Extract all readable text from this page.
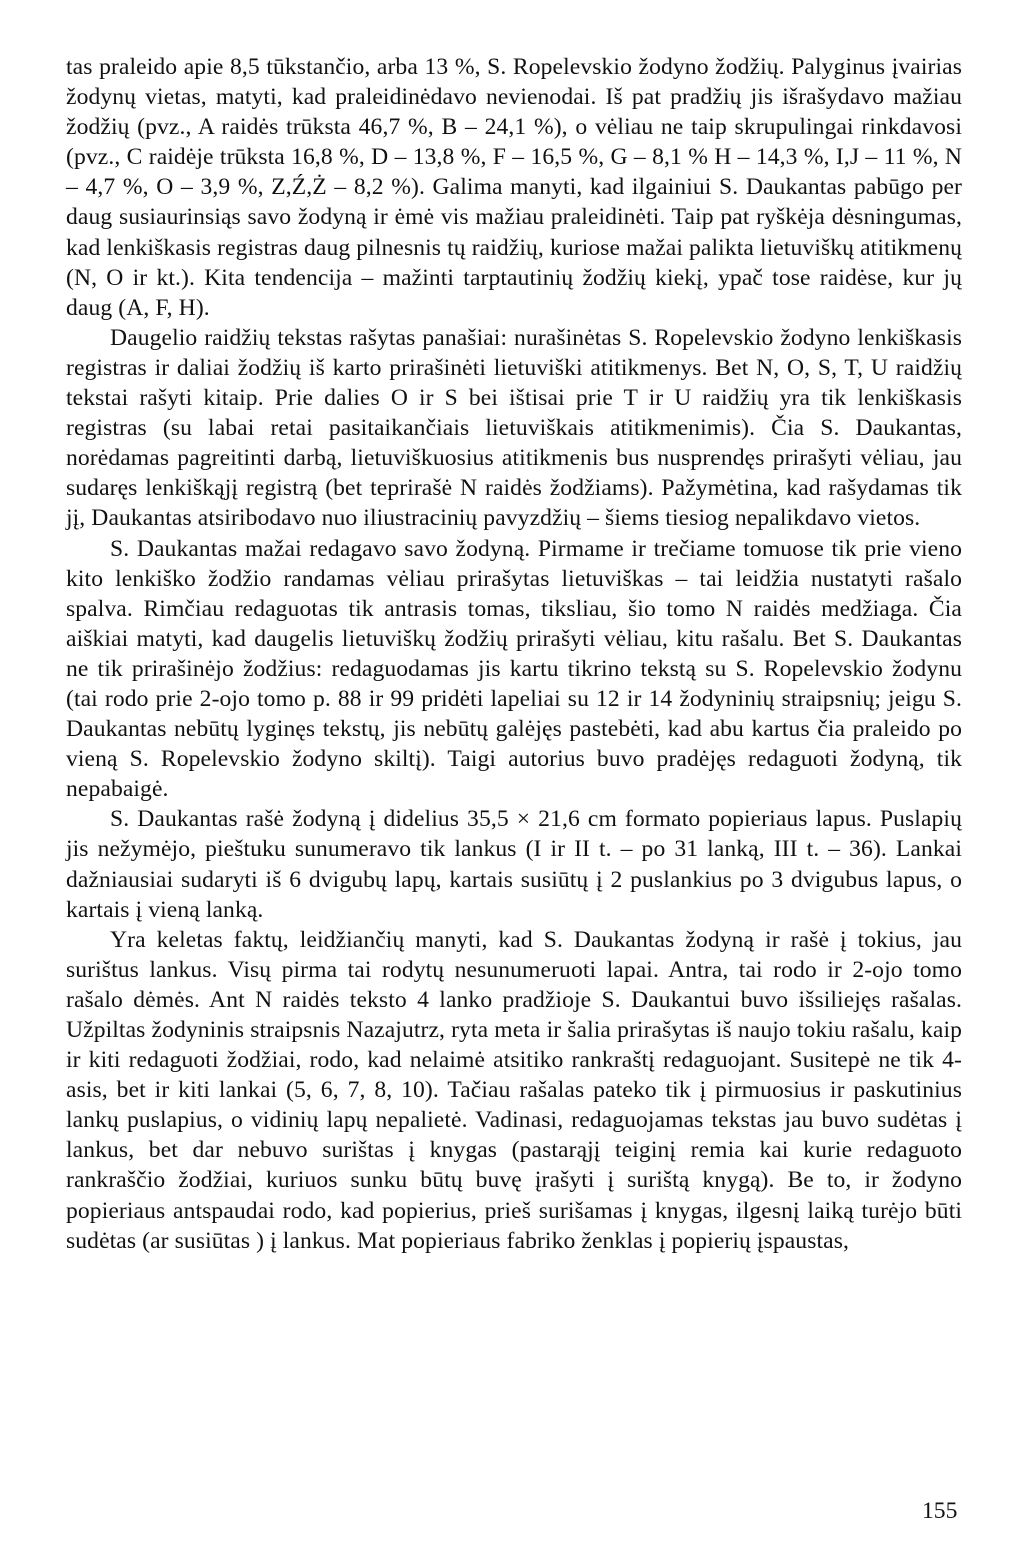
tas praleido apie 8,5 tūkstančio, arba 13 %, S. Ropelevskio žodyno žodžių. Palyginus įvairias žodynų vietas, matyti, kad praleidinėdavo nevienodai. Iš pat pradžių jis išrašydavo mažiau žodžių (pvz., A raidės trūksta 46,7 %, B – 24,1 %), o vėliau ne taip skrupulingai rinkdavosi (pvz., C raidėje trūksta 16,8 %, D – 13,8 %, F – 16,5 %, G – 8,1 % H – 14,3 %, I,J – 11 %, N – 4,7 %, O – 3,9 %, Z,Ź,Ż – 8,2 %). Galima manyti, kad ilgainiui S. Daukantas pabūgo per daug susiaurinsiąs savo žodyną ir ėmė vis mažiau praleidinėti. Taip pat ryškėja dėsningumas, kad lenkiškasis registras daug pilnesnis tų raidžių, kuriose mažai palikta lietuviškų atitikmenų (N, O ir kt.). Kita tendencija – mažinti tarptautinių žodžių kiekį, ypač tose raidėse, kur jų daug (A, F, H).

Daugelio raidžių tekstas rašytas panašiai: nurašinėtas S. Ropelevskio žodyno lenkiškasis registras ir daliai žodžių iš karto prirašinėti lietuviški atitikmenys. Bet N, O, S, T, U raidžių tekstai rašyti kitaip. Prie dalies O ir S bei ištisai prie T ir U raidžių yra tik lenkiškasis registras (su labai retai pasitaikančiais lietuviškais atitikmenimis). Čia S. Daukantas, norėdamas pagreitinti darbą, lietuviškuosius atitikmenis bus nusprendęs prirašyti vėliau, jau sudaręs lenkiškąjį registrą (bet teprirašė N raidės žodžiams). Pažymėtina, kad rašydamas tik jį, Daukantas atsiribodavo nuo iliustracinių pavyzdžių – šiems tiesiog nepalikdavo vietos.

S. Daukantas mažai redagavo savo žodyną. Pirmame ir trečiame tomuose tik prie vieno kito lenkiško žodžio randamas vėliau prirašytas lietuviškas – tai leidžia nustatyti rašalo spalva. Rimčiau redaguotas tik antrasis tomas, tiksliau, šio tomo N raidės medžiaga. Čia aiškiai matyti, kad daugelis lietuviškų žodžių prirašyti vėliau, kitu rašalu. Bet S. Daukantas ne tik prirašinėjo žodžius: redaguodamas jis kartu tikrino tekstą su S. Ropelevskio žodynu (tai rodo prie 2-ojo tomo p. 88 ir 99 pridėti lapeliai su 12 ir 14 žodyninių straipsnių; jeigu S. Daukantas nebūtų lyginęs tekstų, jis nebūtų galėjęs pastebėti, kad abu kartus čia praleido po vieną S. Ropelevskio žodyno skiltį). Taigi autorius buvo pradėjęs redaguoti žodyną, tik nepabaigė.

S. Daukantas rašė žodyną į didelius 35,5 × 21,6 cm formato popieriaus lapus. Puslapių jis nežymėjo, pieštuku sunumeravo tik lankus (I ir II t. – po 31 lanką, III t. – 36). Lankai dažniausiai sudaryti iš 6 dvigubų lapų, kartais susiūtų į 2 puslankius po 3 dvigubus lapus, o kartais į vieną lanką.

Yra keletas faktų, leidžiančių manyti, kad S. Daukantas žodyną ir rašė į tokius, jau surištus lankus. Visų pirma tai rodytų nesunumeruoti lapai. Antra, tai rodo ir 2-ojo tomo rašalo dėmės. Ant N raidės teksto 4 lanko pradžioje S. Daukantui buvo išsiliejęs rašalas. Užpiltas žodyninis straipsnis Nazajutrz, ryta meta ir šalia prirašytas iš naujo tokiu rašalu, kaip ir kiti redaguoti žodžiai, rodo, kad nelaimė atsitiko rankraštį redaguojant. Susitepė ne tik 4-asis, bet ir kiti lankai (5, 6, 7, 8, 10). Tačiau rašalas pateko tik į pirmuosius ir paskutinius lankų puslapius, o vidinių lapų nepalietė. Vadinasi, redaguojamas tekstas jau buvo sudėtas į lankus, bet dar nebuvo surištas į knygas (pastarąjį teiginį remia kai kurie redaguoto rankraščio žodžiai, kuriuos sunku būtų buvę įrašyti į surištą knygą). Be to, ir žodyno popieriaus antspaudai rodo, kad popierius, prieš surišamas į knygas, ilgesnį laiką turėjo būti sudėtas (ar susiūtas ) į lankus. Mat popieriaus fabriko ženklas į popierių įspaustas,

155
